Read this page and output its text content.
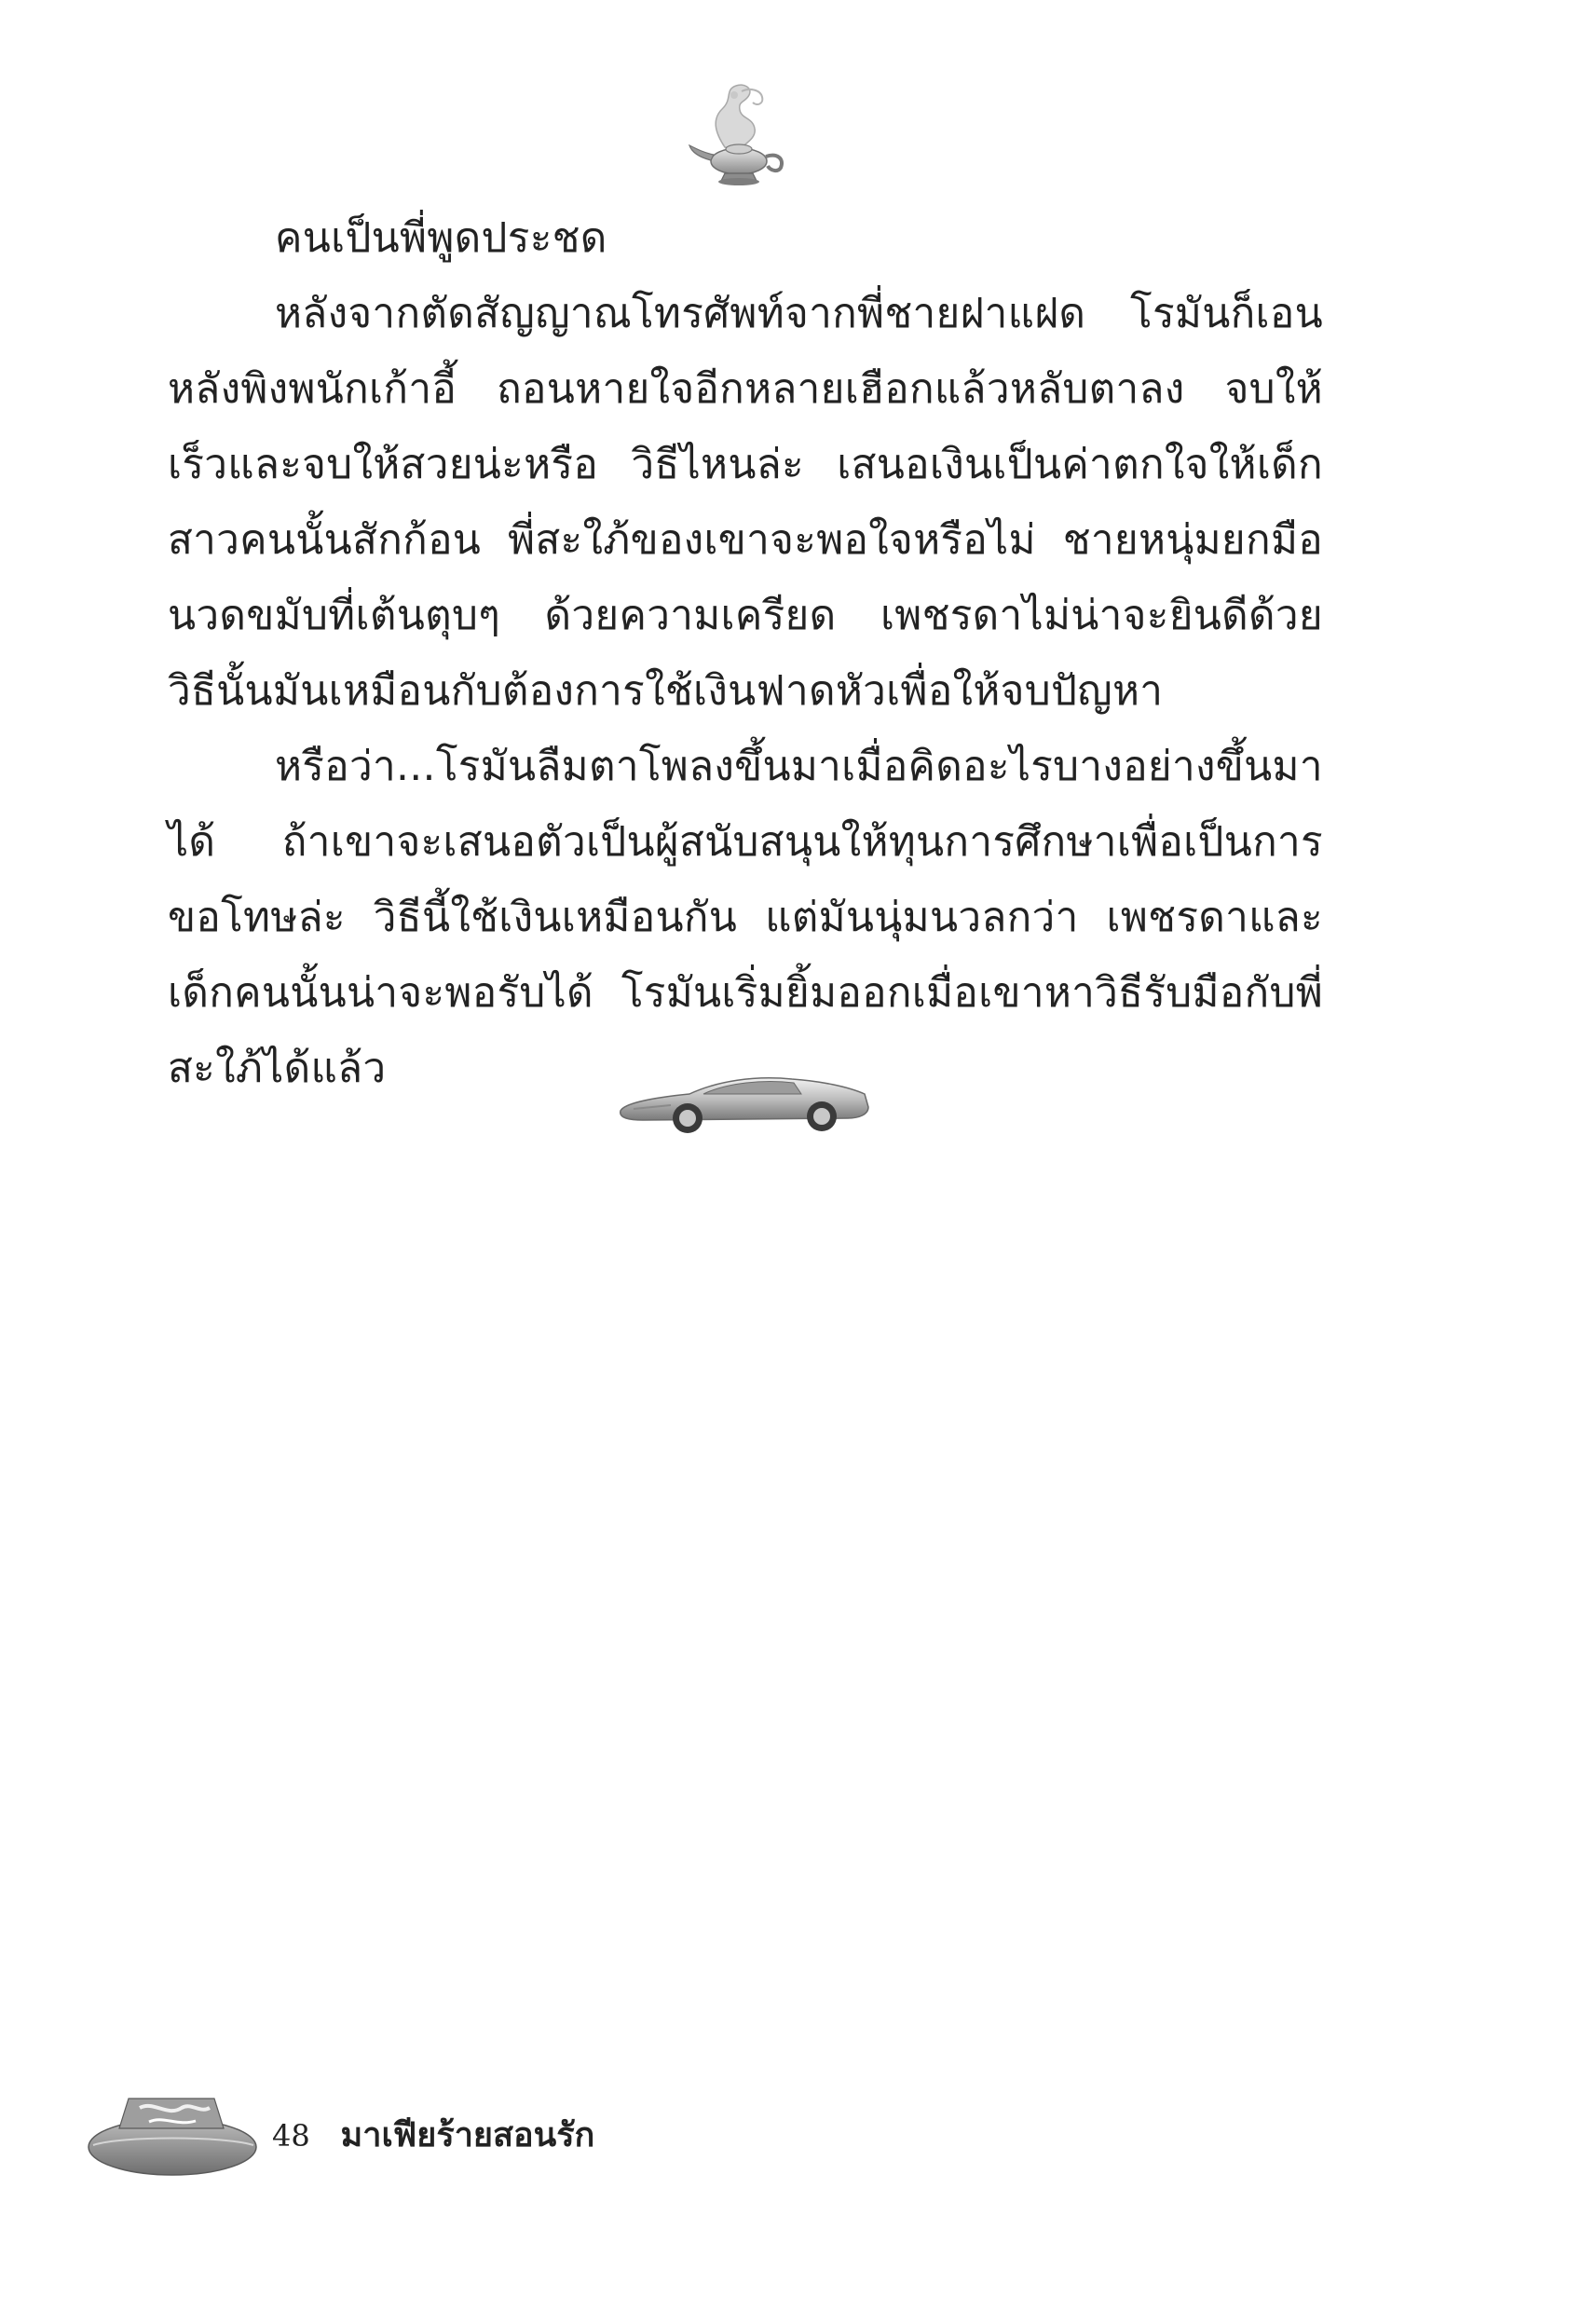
คนเป็นพี่พูดประชด

หลังจากตัดสัญญาณโทรศัพท์จากพี่ชายฝาแฝด โรมันก็เอนหลังพิงพนักเก้าอี้ ถอนหายใจอีกหลายเฮือกแล้วหลับตาลง จบให้เร็วและจบให้สวยน่ะหรือ วิธีไหนล่ะ เสนอเงินเป็นค่าตกใจให้เด็กสาวคนนั้นสักก้อน พี่สะใภ้ของเขาจะพอใจหรือไม่ ชายหนุ่มยกมือนวดขมับที่เต้นตุบๆ ด้วยความเครียด เพชรดาไม่น่าจะยินดีด้วย วิธีนั้นมันเหมือนกับต้องการใช้เงินฟาดหัวเพื่อให้จบปัญหา

หรือว่า...โรมันลืมตาโพลงขึ้นมาเมื่อคิดอะไรบางอย่างขึ้นมาได้ ถ้าเขาจะเสนอตัวเป็นผู้สนับสนุนให้ทุนการศึกษาเพื่อเป็นการขอโทษล่ะ วิธีนี้ใช้เงินเหมือนกัน แต่มันนุ่มนวลกว่า เพชรดาและเด็กคนนั้นน่าจะพอรับได้ โรมันเริ่มยิ้มออกเมื่อเขาหาวิธีรับมือกับพี่สะใภ้ได้แล้ว

48 มาเฟียร้ายสอนรัก
